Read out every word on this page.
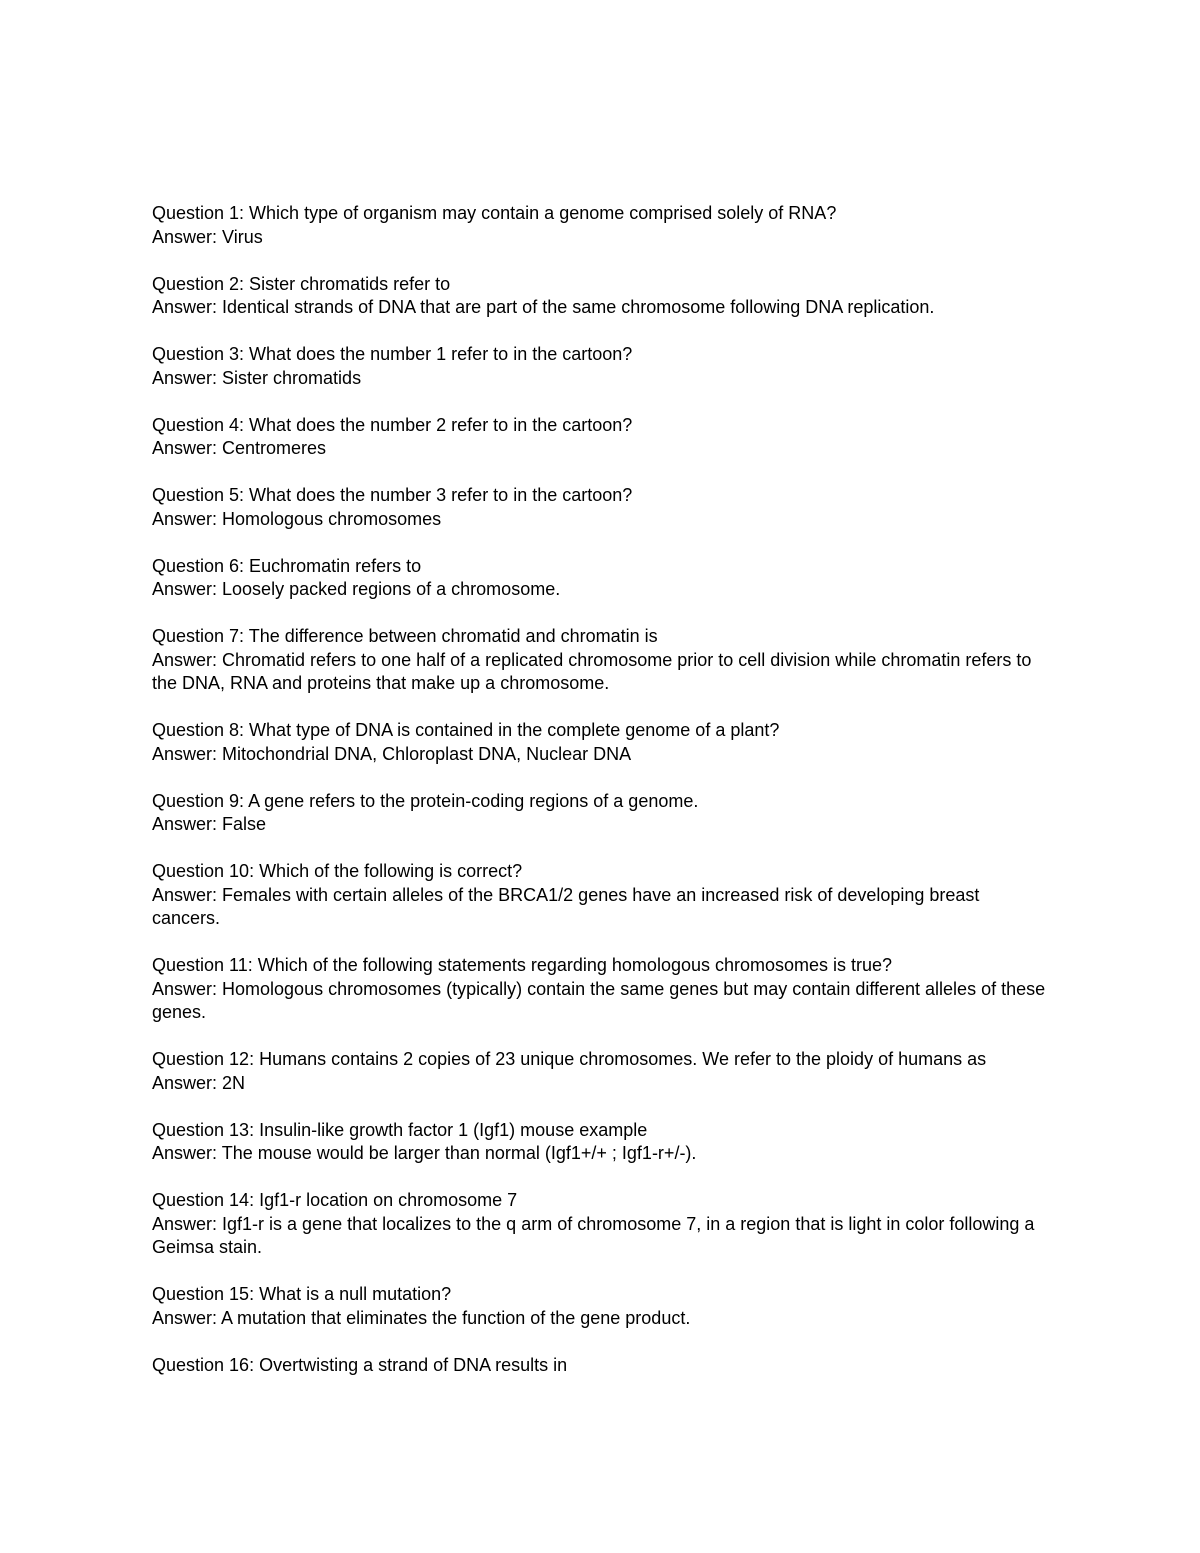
Question 1: Which type of organism may contain a genome comprised solely of RNA?

Answer: Virus

Question 2: Sister chromatids refer to

Answer: Identical strands of DNA that are part of the same chromosome following DNA replication.

Question 3: What does the number 1 refer to in the cartoon?

Answer: Sister chromatids

Question 4: What does the number 2 refer to in the cartoon?

Answer: Centromeres

Question 5: What does the number 3 refer to in the cartoon?

Answer: Homologous chromosomes

Question 6: Euchromatin refers to

Answer: Loosely packed regions of a chromosome.

Question 7: The difference between chromatid and chromatin is

Answer: Chromatid refers to one half of a replicated chromosome prior to cell division while chromatin refers to the DNA, RNA and proteins that make up a chromosome.

Question 8: What type of DNA is contained in the complete genome of a plant?

Answer: Mitochondrial DNA, Chloroplast DNA, Nuclear DNA

Question 9: A gene refers to the protein-coding regions of a genome.

Answer: False

Question 10: Which of the following is correct?

Answer: Females with certain alleles of the BRCA1/2 genes have an increased risk of developing breast cancers.

Question 11: Which of the following statements regarding homologous chromosomes is true?

Answer: Homologous chromosomes (typically) contain the same genes but may contain different alleles of these genes.

Question 12: Humans contains 2 copies of 23 unique chromosomes. We refer to the ploidy of humans as

Answer: 2N

Question 13: Insulin-like growth factor 1 (Igf1) mouse example

Answer: The mouse would be larger than normal (Igf1+/+ ; Igf1-r+/-).

Question 14: Igf1-r location on chromosome 7

Answer: Igf1-r is a gene that localizes to the q arm of chromosome 7, in a region that is light in color following a Geimsa stain.

Question 15: What is a null mutation?

Answer: A mutation that eliminates the function of the gene product.

Question 16: Overtwisting a strand of DNA results in
